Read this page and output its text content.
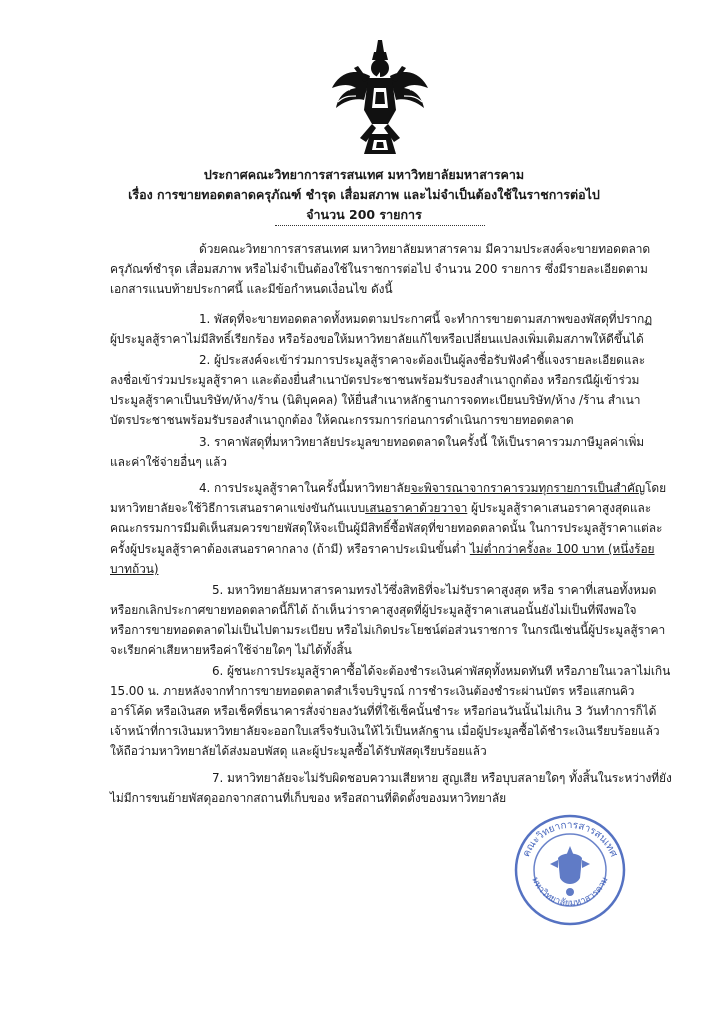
ประกาศคณะวิทยาการสารสนเทศ มหาวิทยาลัยมหาสารคาม
เรื่อง การขายทอดตลาดครุภัณฑ์ ชำรุด เสื่อมสภาพ และไม่จำเป็นต้องใช้ในราชการต่อไป
จำนวน 200 รายการ
ด้วยคณะวิทยาการสารสนเทศ มหาวิทยาลัยมหาสารคาม มีความประสงค์จะขายทอดตลาด
ครุภัณฑ์ชำรุด เสื่อมสภาพ หรือไม่จำเป็นต้องใช้ในราชการต่อไป จำนวน 200 รายการ ซึ่งมีรายละเอียดตาม
เอกสารแนบท้ายประกาศนี้ และมีข้อกำหนดเงื่อนไข ดังนี้
1. พัสดุที่จะขายทอดตลาดทั้งหมดตามประกาศนี้ จะทำการขายตามสภาพของพัสดุที่ปรากฏ
ผู้ประมูลสู้ราคาไม่มีสิทธิ์เรียกร้อง หรือร้องขอให้มหาวิทยาลัยแก้ไขหรือเปลี่ยนแปลงเพิ่มเติมสภาพให้ดีขึ้นได้
2. ผู้ประสงค์จะเข้าร่วมการประมูลสู้ราคาจะต้องเป็นผู้ลงชื่อรับฟังคำชี้แจงรายละเอียดและ
ลงชื่อเข้าร่วมประมูลสู้ราคา และต้องยื่นสำเนาบัตรประชาชนพร้อมรับรองสำเนาถูกต้อง หรือกรณีผู้เข้าร่วม
ประมูลสู้ราคาเป็นบริษัท/ห้าง/ร้าน (นิติบุคคล) ให้ยื่นสำเนาหลักฐานการจดทะเบียนบริษัท/ห้าง /ร้าน สำเนา
บัตรประชาชนพร้อมรับรองสำเนาถูกต้อง ให้คณะกรรมการก่อนการดำเนินการขายทอดตลาด
3. ราคาพัสดุที่มหาวิทยาลัยประมูลขายทอดตลาดในครั้งนี้ ให้เป็นราคารวมภาษีมูลค่าเพิ่ม
และค่าใช้จ่ายอื่นๆ แล้ว
4. การประมูลสู้ราคาในครั้งนี้มหาวิทยาลัยจะพิจารณาจากราคารวมทุกรายการเป็นสำคัญโดย
มหาวิทยาลัยจะใช้วิธีการเสนอราคาแข่งขันกันแบบเสนอราคาด้วยวาจา ผู้ประมูลสู้ราคาเสนอราคาสูงสุดและ
คณะกรรมการมีมติเห็นสมควรขายพัสดุให้จะเป็นผู้มีสิทธิ์ซื้อพัสดุที่ขายทอดตลาดนั้น ในการประมูลสู้ราคาแต่ละ
ครั้งผู้ประมูลสู้ราคาต้องเสนอราคากลาง (ถ้ามี) หรือราคาประเมินขั้นต่ำ ไม่ต่ำกว่าครั้งละ 100 บาท (หนึ่งร้อย
บาทถ้วน)
5. มหาวิทยาลัยมหาสารคามทรงไว้ซึ่งสิทธิที่จะไม่รับราคาสูงสุด หรือ ราคาที่เสนอทั้งหมด
หรือยกเลิกประกาศขายทอดตลาดนี้ก็ได้ ถ้าเห็นว่าราคาสูงสุดที่ผู้ประมูลสู้ราคาเสนอนั้นยังไม่เป็นที่พึงพอใจ
หรือการขายทอดตลาดไม่เป็นไปตามระเบียบ หรือไม่เกิดประโยชน์ต่อส่วนราชการ ในกรณีเช่นนี้ผู้ประมูลสู้ราคา
จะเรียกค่าเสียหายหรือค่าใช้จ่ายใดๆ ไม่ได้ทั้งสิ้น
6. ผู้ชนะการประมูลสู้ราคาซื้อได้จะต้องชำระเงินค่าพัสดุทั้งหมดทันที หรือภายในเวลาไม่เกิน
15.00 น. ภายหลังจากทำการขายทอดตลาดสำเร็จบริบูรณ์ การชำระเงินต้องชำระผ่านบัตร หรือแสกนคิว
อาร์โค้ด หรือเงินสด หรือเช็คที่ธนาคารสั่งจ่ายลงวันที่ที่ใช้เช็คนั้นชำระ หรือก่อนวันนั้นไม่เกิน 3 วันทำการก็ได้
เจ้าหน้าที่การเงินมหาวิทยาลัยจะออกใบเสร็จรับเงินให้ไว้เป็นหลักฐาน เมื่อผู้ประมูลซื้อได้ชำระเงินเรียบร้อยแล้ว
ให้ถือว่ามหาวิทยาลัยได้ส่งมอบพัสดุ และผู้ประมูลซื้อได้รับพัสดุเรียบร้อยแล้ว
7. มหาวิทยาลัยจะไม่รับผิดชอบความเสียหาย สูญเสีย หรือบุบสลายใดๆ ทั้งสิ้นในระหว่างที่ยัง
ไม่มีการขนย้ายพัสดุออกจากสถานที่เก็บของ หรือสถานที่ติดตั้งของมหาวิทยาลัย
คณะวิทยาการสารสนเทศ
มหาวิทยาลัยมหาสารคาม
